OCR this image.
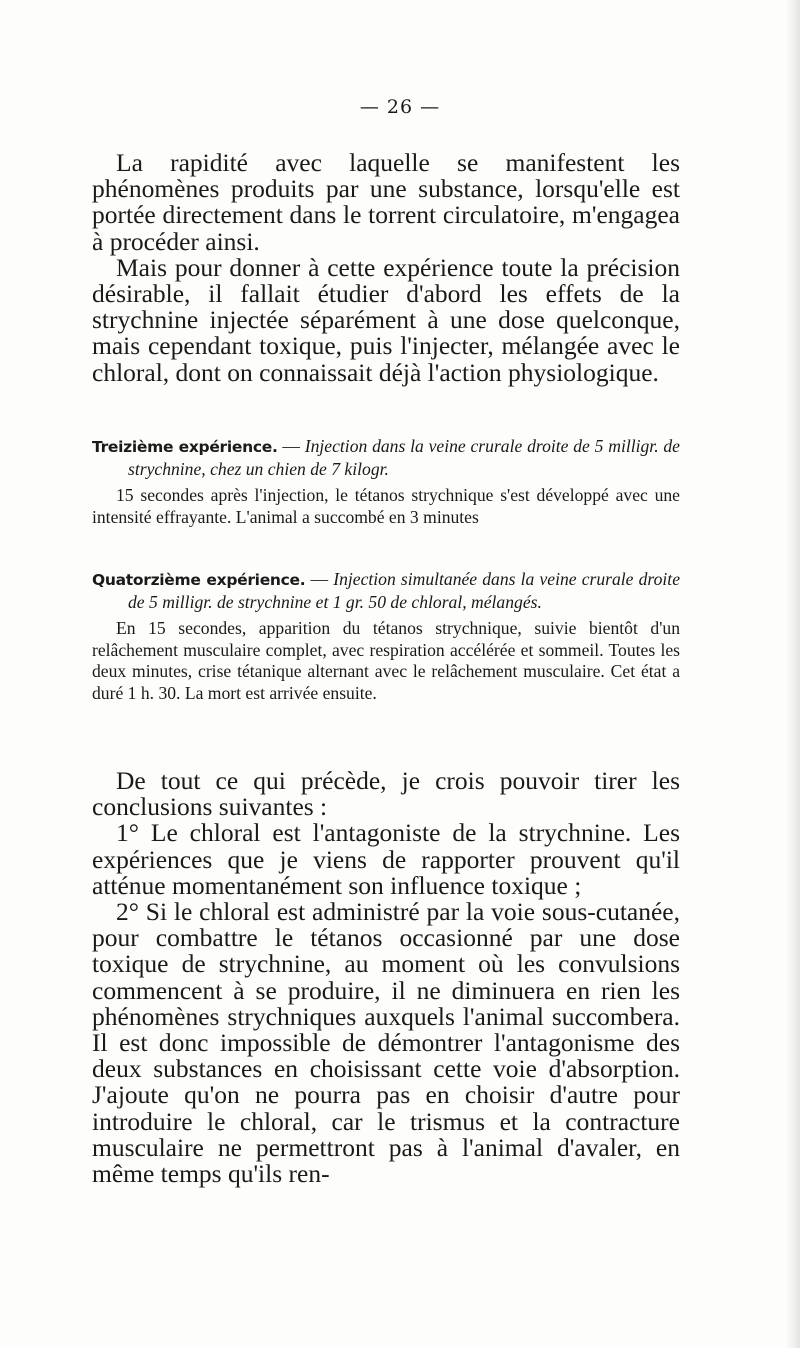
— 26 —

La rapidité avec laquelle se manifestent les phénomènes produits par une substance, lorsqu'elle est portée directement dans le torrent circulatoire, m'engagea à procéder ainsi.

Mais pour donner à cette expérience toute la précision désirable, il fallait étudier d'abord les effets de la strychnine injectée séparément à une dose quelconque, mais cependant toxique, puis l'injecter, mélangée avec le chloral, dont on connaissait déjà l'action physiologique.

Treizième expérience. — Injection dans la veine crurale droite de 5 milligr. de strychnine, chez un chien de 7 kilogr.

15 secondes après l'injection, le tétanos strychnique s'est développé avec une intensité effrayante. L'animal a succombé en 3 minutes

Quatorzième expérience. — Injection simultanée dans la veine crurale droite de 5 milligr. de strychnine et 1 gr. 50 de chloral, mélangés.

En 15 secondes, apparition du tétanos strychnique, suivie bientôt d'un relâchement musculaire complet, avec respiration accélérée et sommeil. Toutes les deux minutes, crise tétanique alternant avec le relâchement musculaire. Cet état a duré 1 h. 30. La mort est arrivée ensuite.

De tout ce qui précède, je crois pouvoir tirer les conclusions suivantes :

1° Le chloral est l'antagoniste de la strychnine. Les expériences que je viens de rapporter prouvent qu'il atténue momentanément son influence toxique ;

2° Si le chloral est administré par la voie sous-cutanée, pour combattre le tétanos occasionné par une dose toxique de strychnine, au moment où les convulsions commencent à se produire, il ne diminuera en rien les phénomènes strychniques auxquels l'animal succombera. Il est donc impossible de démontrer l'antagonisme des deux substances en choisissant cette voie d'absorption. J'ajoute qu'on ne pourra pas en choisir d'autre pour introduire le chloral, car le trismus et la contracture musculaire ne permettront pas à l'animal d'avaler, en même temps qu'ils ren-
